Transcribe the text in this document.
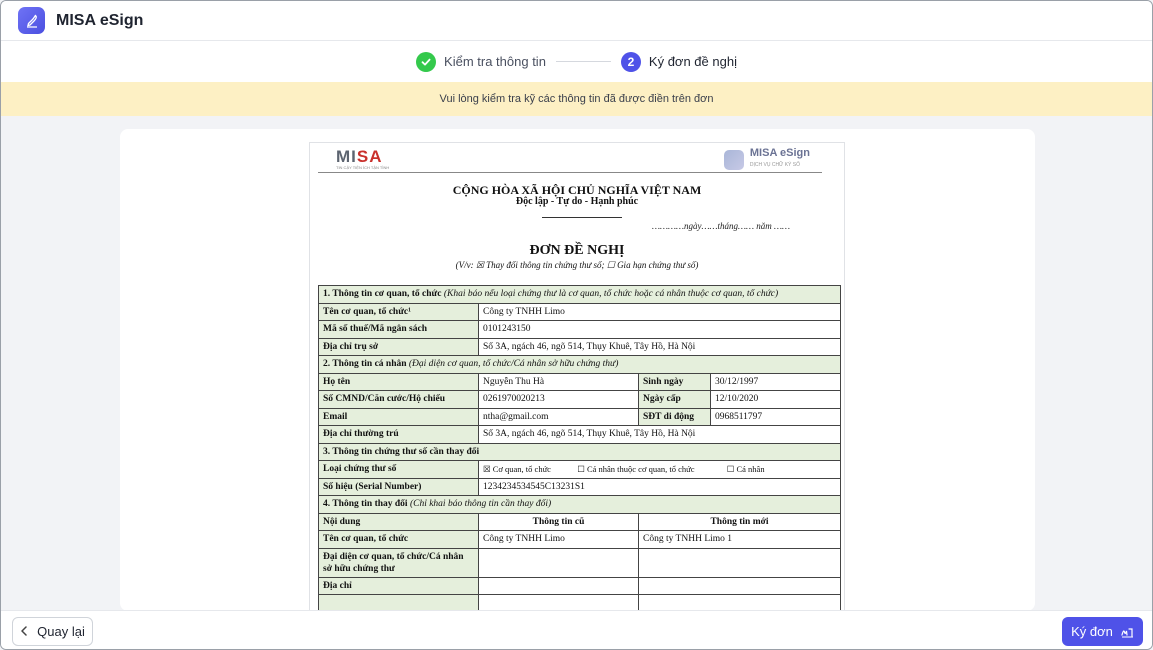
MISA eSign
Kiểm tra thông tin	2	Ký đơn đề nghị
Vui lòng kiểm tra kỹ các thông tin đã được điền trên đơn
MISA
TIN CẬY TIỆN ÍCH TẬN TÌNH
MISA eSign
DỊCH VỤ CHỮ KÝ SỐ
CỘNG HÒA XÃ HỘI CHỦ NGHĨA VIỆT NAM
Độc lập - Tự do - Hạnh phúc
…………ngày……tháng…… năm ……
ĐƠN ĐỀ NGHỊ
(V/v: ☒ Thay đổi thông tin chứng thư số; ☐ Gia hạn chứng thư số)
1. Thông tin cơ quan, tổ chức (Khai báo nếu loại chứng thư là cơ quan, tổ chức hoặc cá nhân thuộc cơ quan, tổ chức)			
Tên cơ quan, tổ chức¹	Công ty TNHH Limo		
Mã số thuế/Mã ngân sách	0101243150		
Địa chỉ trụ sở	Số 3A, ngách 46, ngõ 514, Thụy Khuê, Tây Hồ, Hà Nội		
2. Thông tin cá nhân (Đại diện cơ quan, tổ chức/Cá nhân sở hữu chứng thư)			
Họ tên	Nguyễn Thu Hà	Sinh ngày	30/12/1997
Số CMND/Căn cước/Hộ chiếu	0261970020213	Ngày cấp	12/10/2020
Email	ntha@gmail.com	SĐT di động	0968511797
Địa chỉ thường trú	Số 3A, ngách 46, ngõ 514, Thụy Khuê, Tây Hồ, Hà Nội		
3. Thông tin chứng thư số cần thay đổi			
Loại chứng thư số	☒ Cơ quan, tổ chức ☐ Cá nhân thuộc cơ quan, tổ chức ☐ Cá nhân		
Số hiệu (Serial Number)	1234234534545C13231S1		
4. Thông tin thay đổi (Chỉ khai báo thông tin cần thay đổi)			
Nội dung	Thông tin cũ	Thông tin mới	
Tên cơ quan, tổ chức	Công ty TNHH Limo	Công ty TNHH Limo 1	
Đại diện cơ quan, tổ chức/Cá nhân sở hữu chứng thư			
Địa chỉ			

Quay lại	Ký đơn
